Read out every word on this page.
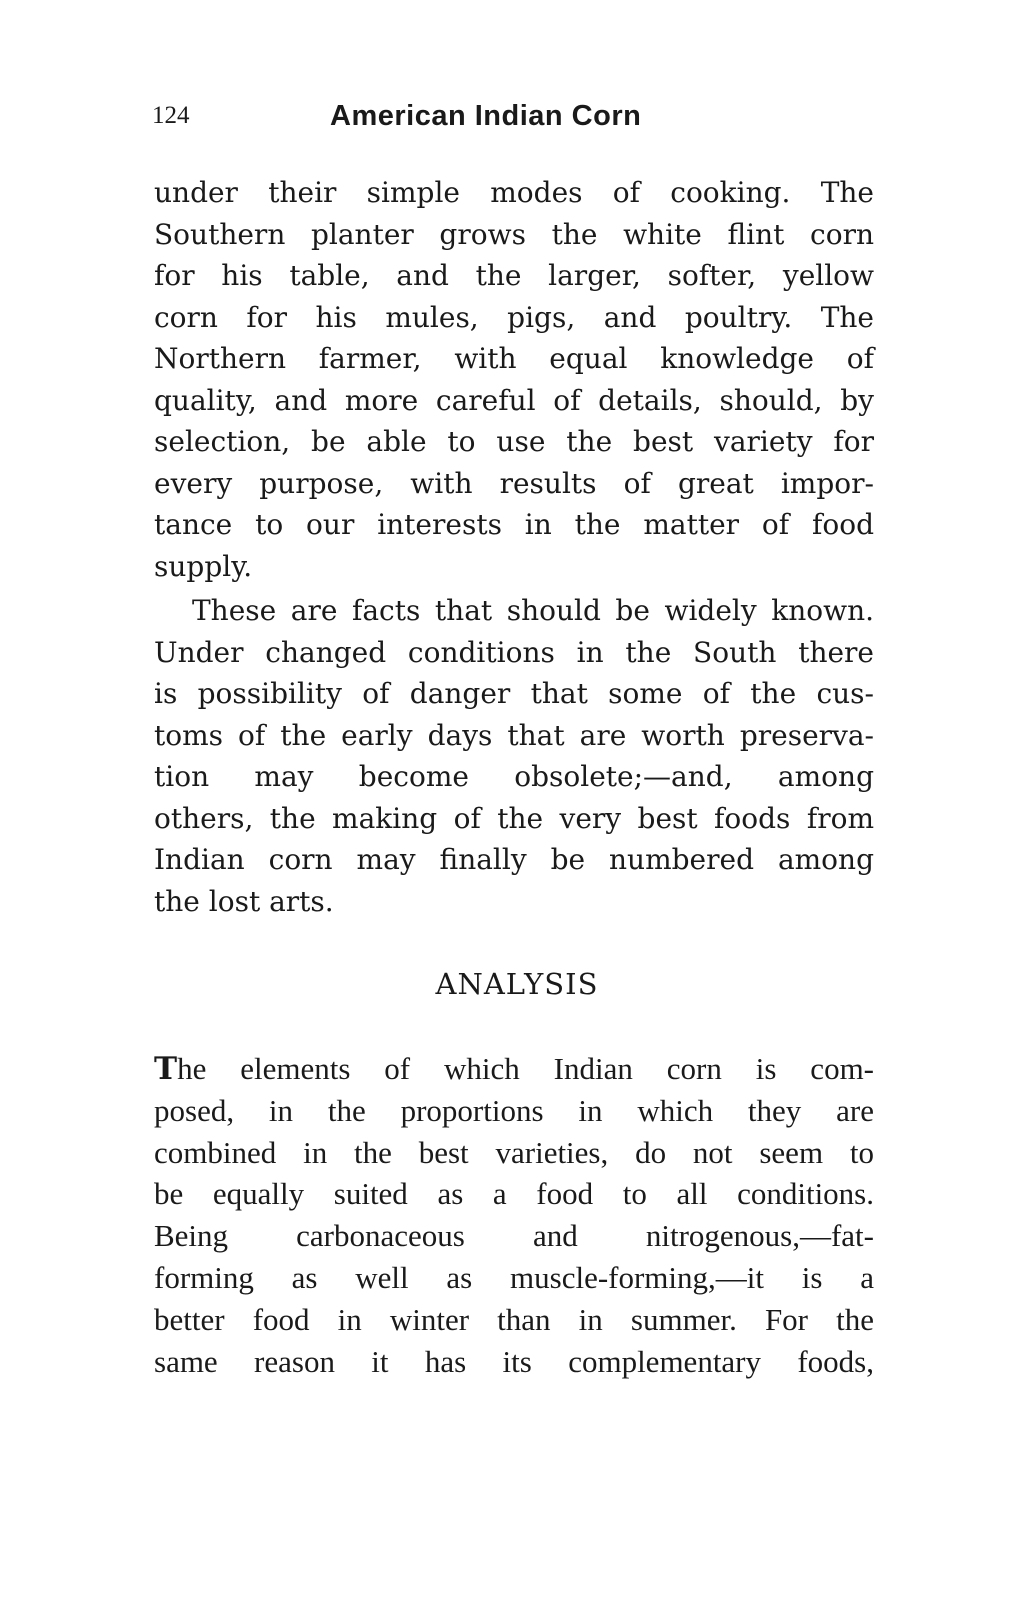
124	American Indian Corn
under their simple modes of cooking. The
Southern planter grows the white flint corn
for his table, and the larger, softer, yellow
corn for his mules, pigs, and poultry. The
Northern farmer, with equal knowledge of
quality, and more careful of details, should, by
selection, be able to use the best variety for
every purpose, with results of great impor-
tance to our interests in the matter of food
supply.
These are facts that should be widely known.
Under changed conditions in the South there
is possibility of danger that some of the cus-
toms of the early days that are worth preserva-
tion may become obsolete;—and, among
others, the making of the very best foods from
Indian corn may finally be numbered among
the lost arts.
ANALYSIS
The elements of which Indian corn is com-
posed, in the proportions in which they are
combined in the best varieties, do not seem to
be equally suited as a food to all conditions.
Being carbonaceous and nitrogenous,—fat-
forming as well as muscle-forming,—it is a
better food in winter than in summer. For the
same reason it has its complementary foods,
